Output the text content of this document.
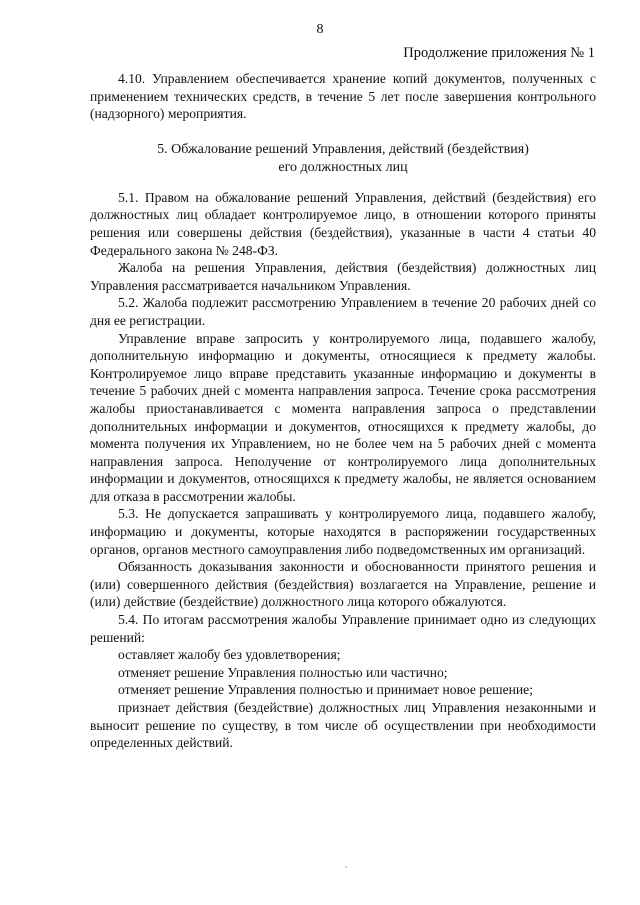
8
Продолжение приложения № 1

4.10. Управлением обеспечивается хранение копий документов, полученных с применением технических средств, в течение 5 лет после завершения контрольного (надзорного) мероприятия.

5. Обжалование решений Управления, действий (бездействия)
его должностных лиц

5.1. Правом на обжалование решений Управления, действий (бездействия) его должностных лиц обладает контролируемое лицо, в отношении которого приняты решения или совершены действия (бездействия), указанные в части 4 статьи 40 Федерального закона № 248-ФЗ.

Жалоба на решения Управления, действия (бездействия) должностных лиц Управления рассматривается начальником Управления.

5.2. Жалоба подлежит рассмотрению Управлением в течение 20 рабочих дней со дня ее регистрации.

Управление вправе запросить у контролируемого лица, подавшего жалобу, дополнительную информацию и документы, относящиеся к предмету жалобы. Контролируемое лицо вправе представить указанные информацию и документы в течение 5 рабочих дней с момента направления запроса. Течение срока рассмотрения жалобы приостанавливается с момента направления запроса о представлении дополнительных информации и документов, относящихся к предмету жалобы, до момента получения их Управлением, но не более чем на 5 рабочих дней с момента направления запроса. Неполучение от контролируемого лица дополнительных информации и документов, относящихся к предмету жалобы, не является основанием для отказа в рассмотрении жалобы.

5.3. Не допускается запрашивать у контролируемого лица, подавшего жалобу, информацию и документы, которые находятся в распоряжении государственных органов, органов местного самоуправления либо подведомственных им организаций.

Обязанность доказывания законности и обоснованности принятого решения и (или) совершенного действия (бездействия) возлагается на Управление, решение и (или) действие (бездействие) должностного лица которого обжалуются.

5.4. По итогам рассмотрения жалобы Управление принимает одно из следующих решений:

оставляет жалобу без удовлетворения;

отменяет решение Управления полностью или частично;

отменяет решение Управления полностью и принимает новое решение;

признает действия (бездействие) должностных лиц Управления незаконными и выносит решение по существу, в том числе об осуществлении при необходимости определенных действий.
